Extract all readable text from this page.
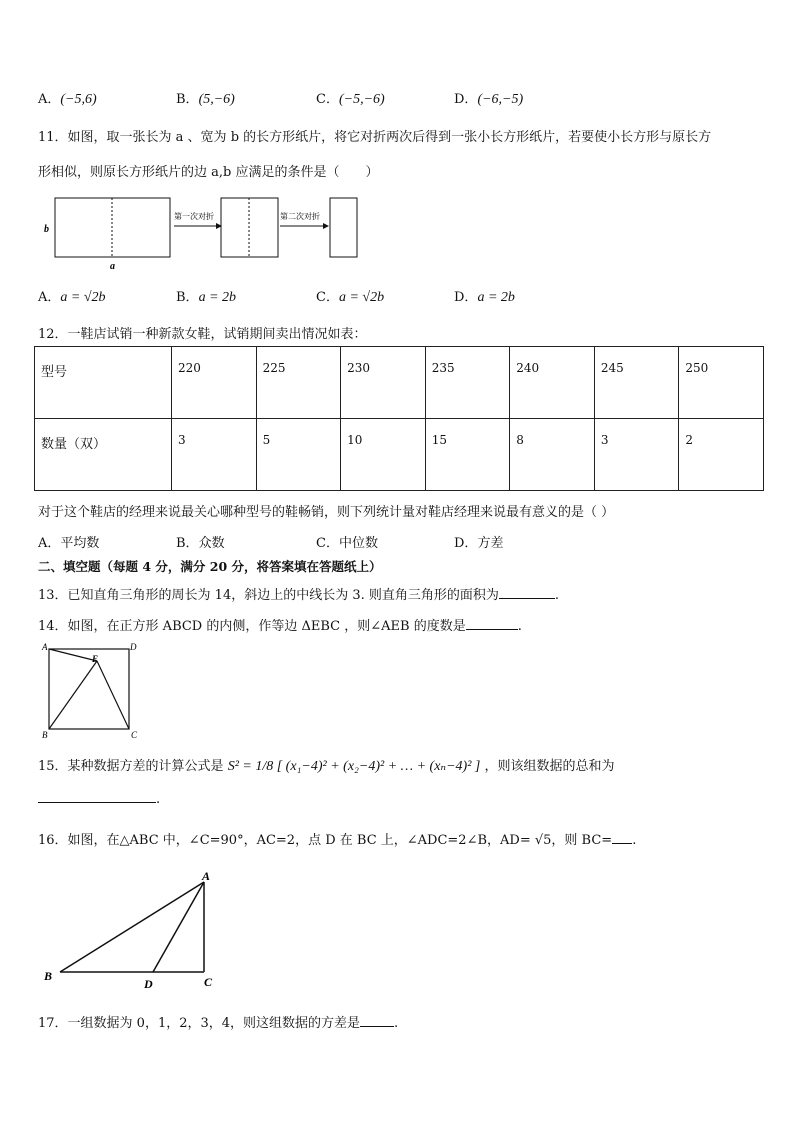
A．(−5,6)	B．(5,−6)	C．(−5,−6)	D．(−6,−5)
11．如图，取一张长为 a 、宽为 b 的长方形纸片，将它对折两次后得到一张小长方形纸片，若要使小长方形与原长方
形相似，则原长方形纸片的边 a,b 应满足的条件是（　　）
b
a
第一次对折	第二次对折
A．a = √2b	B．a = 2b	C．a = √2b	D．a = 2b
12．一鞋店试销一种新款女鞋，试销期间卖出情况如表：
型号	220	225	230	235	240	245	250
数量（双）	3	5	10	15	8	3	2
对于这个鞋店的经理来说最关心哪种型号的鞋畅销，则下列统计量对鞋店经理来说最有意义的是（ ）
A．平均数	B．众数	C．中位数	D．方差
二、填空题（每题 4 分，满分 20 分，将答案填在答题纸上）
13．已知直角三角形的周长为 14，斜边上的中线长为 3. 则直角三角形的面积为	.
14．如图，在正方形 ABCD 的内侧，作等边 ΔEBC ，则∠AEB 的度数是	.
A	D
E
B	C
15．某种数据方差的计算公式是 S² = 1/8 [ (x₁−4)² + (x₂−4)² + … + (xₙ−4)² ] ，则该组数据的总和为
.
16．如图，在△ABC 中，∠C=90°，AC=2，点 D 在 BC 上，∠ADC=2∠B，AD= √5，则 BC= .
A
B
D	C
17．一组数据为 0，1，2，3，4，则这组数据的方差是	.
